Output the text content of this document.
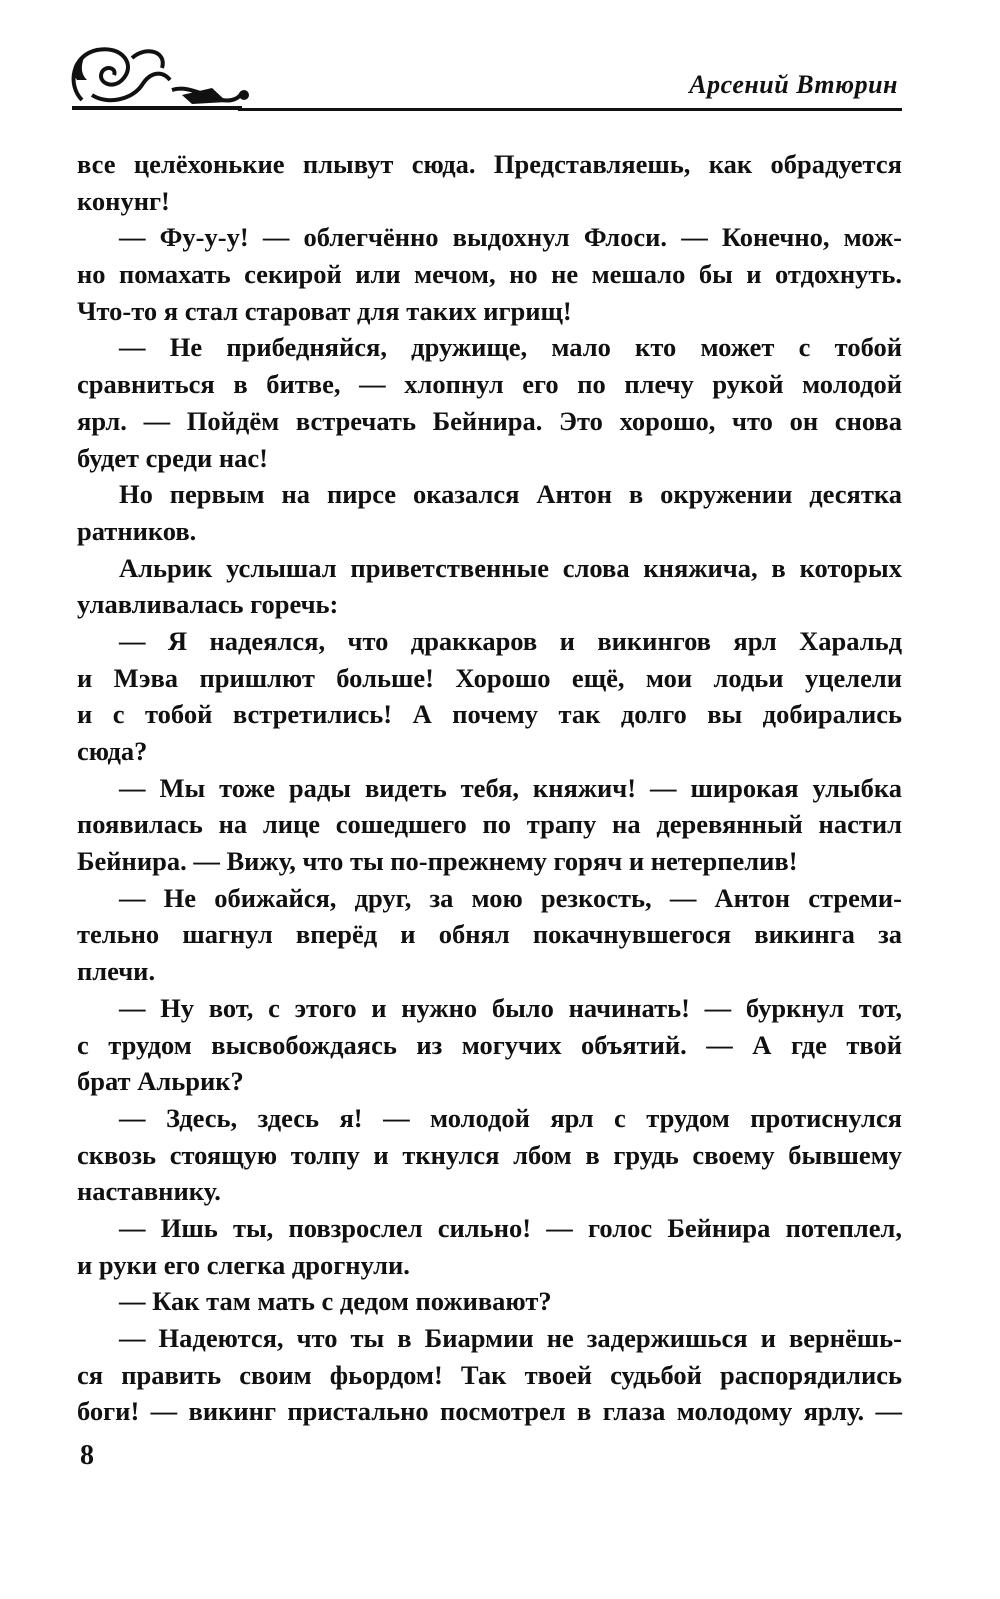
Арсений Втюрин
все целёхонькие плывут сюда. Представляешь, как обрадуется
конунг!
— Фу-у-у! — облегчённо выдохнул Флоси. — Конечно, мож-
но помахать секирой или мечом, но не мешало бы и отдохнуть.
Что-то я стал староват для таких игрищ!
— Не прибедняйся, дружище, мало кто может с тобой
сравниться в битве, — хлопнул его по плечу рукой молодой
ярл. — Пойдём встречать Бейнира. Это хорошо, что он снова
будет среди нас!
Но первым на пирсе оказался Антон в окружении десятка
ратников.
Альрик услышал приветственные слова княжича, в которых
улавливалась горечь:
— Я надеялся, что драккаров и викингов ярл Харальд
и Мэва пришлют больше! Хорошо ещё, мои лодьи уцелели
и с тобой встретились! А почему так долго вы добирались
сюда?
— Мы тоже рады видеть тебя, княжич! — широкая улыбка
появилась на лице сошедшего по трапу на деревянный настил
Бейнира. — Вижу, что ты по-прежнему горяч и нетерпелив!
— Не обижайся, друг, за мою резкость, — Антон стреми-
тельно шагнул вперёд и обнял покачнувшегося викинга за
плечи.
— Ну вот, с этого и нужно было начинать! — буркнул тот,
с трудом высвобождаясь из могучих объятий. — А где твой
брат Альрик?
— Здесь, здесь я! — молодой ярл с трудом протиснулся
сквозь стоящую толпу и ткнулся лбом в грудь своему бывшему
наставнику.
— Ишь ты, повзрослел сильно! — голос Бейнира потеплел,
и руки его слегка дрогнули.
— Как там мать с дедом поживают?
— Надеются, что ты в Биармии не задержишься и вернёшь-
ся править своим фьордом! Так твоей судьбой распорядились
боги! — викинг пристально посмотрел в глаза молодому ярлу. —
8
